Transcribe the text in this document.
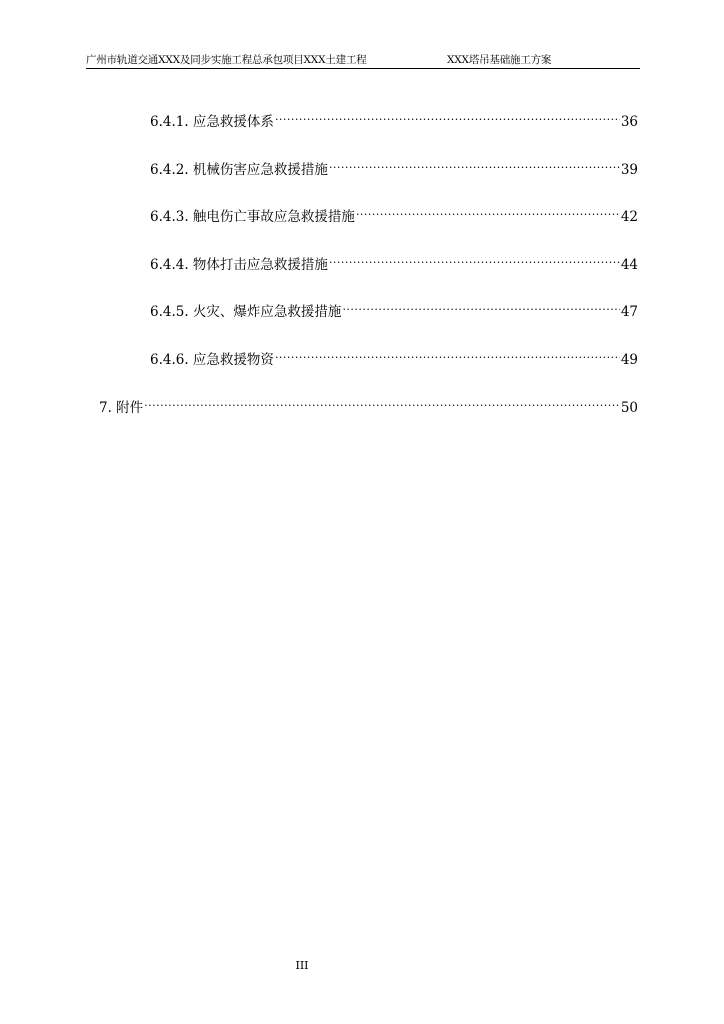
广州市轨道交通XXX及同步实施工程总承包项目XXX土建工程	XXX塔吊基础施工方案
6.4.1. 应急救援体系 .....	36
6.4.2. 机械伤害应急救援措施 .....	39
6.4.3. 触电伤亡事故应急救援措施 .....	42
6.4.4. 物体打击应急救援措施 .....	44
6.4.5. 火灾、爆炸应急救援措施 .....	47
6.4.6. 应急救援物资 .....	49
7. 附件 .....	50
III
